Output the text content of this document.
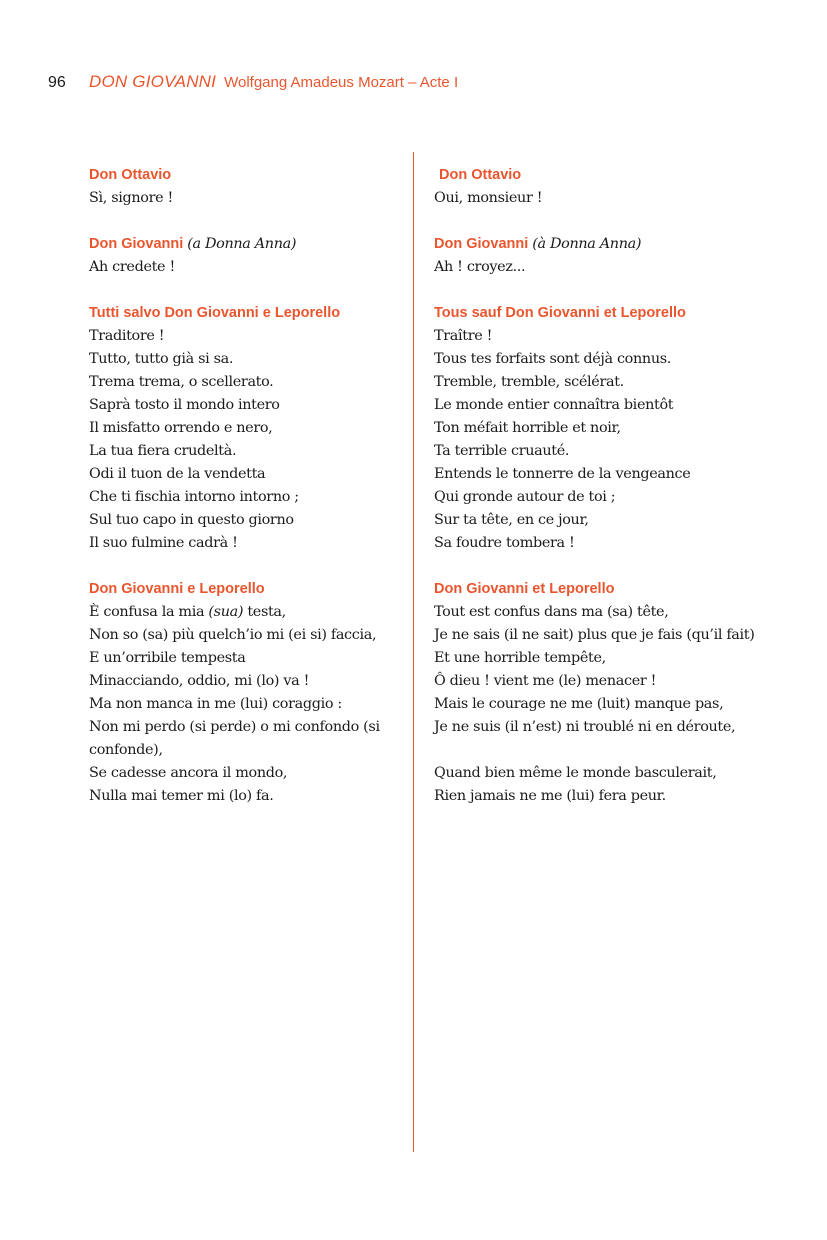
96 DON GIOVANNI Wolfgang Amadeus Mozart – Acte I
Don Ottavio
Sì, signore !
Don Giovanni (a Donna Anna)
Ah credete !
Tutti salvo Don Giovanni e Leporello
Traditore !
Tutto, tutto già si sa.
Trema trema, o scellerato.
Saprà tosto il mondo intero
Il misfatto orrendo e nero,
La tua fiera crudeltà.
Odi il tuon de la vendetta
Che ti fischia intorno intorno ;
Sul tuo capo in questo giorno
Il suo fulmine cadrà !
Don Giovanni e Leporello
È confusa la mia (sua) testa,
Non so (sa) più quelch’io mi (ei si) faccia,
E un’orribile tempesta
Minacciando, oddio, mi (lo) va !
Ma non manca in me (lui) coraggio :
Non mi perdo (si perde) o mi confondo (si confonde),
Se cadesse ancora il mondo,
Nulla mai temer mi (lo) fa.
Don Ottavio
Oui, monsieur !
Don Giovanni (à Donna Anna)
Ah ! croyez...
Tous sauf Don Giovanni et Leporello
Traître !
Tous tes forfaits sont déjà connus.
Tremble, tremble, scélérat.
Le monde entier connaîtra bientôt
Ton méfait horrible et noir,
Ta terrible cruauté.
Entends le tonnerre de la vengeance
Qui gronde autour de toi ;
Sur ta tête, en ce jour,
Sa foudre tombera !
Don Giovanni et Leporello
Tout est confus dans ma (sa) tête,
Je ne sais (il ne sait) plus que je fais (qu’il fait)
Et une horrible tempête,
Ô dieu ! vient me (le) menacer !
Mais le courage ne me (luit) manque pas,
Je ne suis (il n’est) ni troublé ni en déroute,

Quand bien même le monde basculerait,
Rien jamais ne me (lui) fera peur.
